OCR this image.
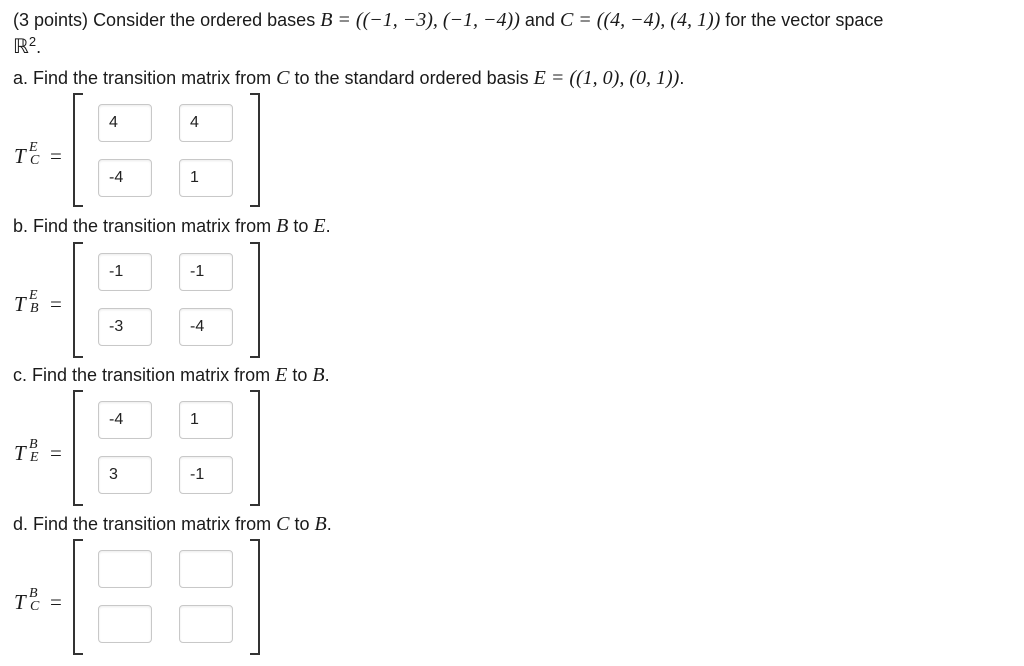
(3 points) Consider the ordered bases B = ((−1, −3), (−1, −4)) and C = ((4, −4), (4, 1)) for the vector space
ℝ$^2$.
a. Find the transition matrix from C to the standard ordered basis E = ((1, 0), (0, 1)).
T E
C =
4	4
-4	1
b. Find the transition matrix from B to E.
T E
B =
-1	-1
-3	-4
c. Find the transition matrix from E to B.
T B
E =
-4	1
3	-1
d. Find the transition matrix from C to B.
T B
C =
